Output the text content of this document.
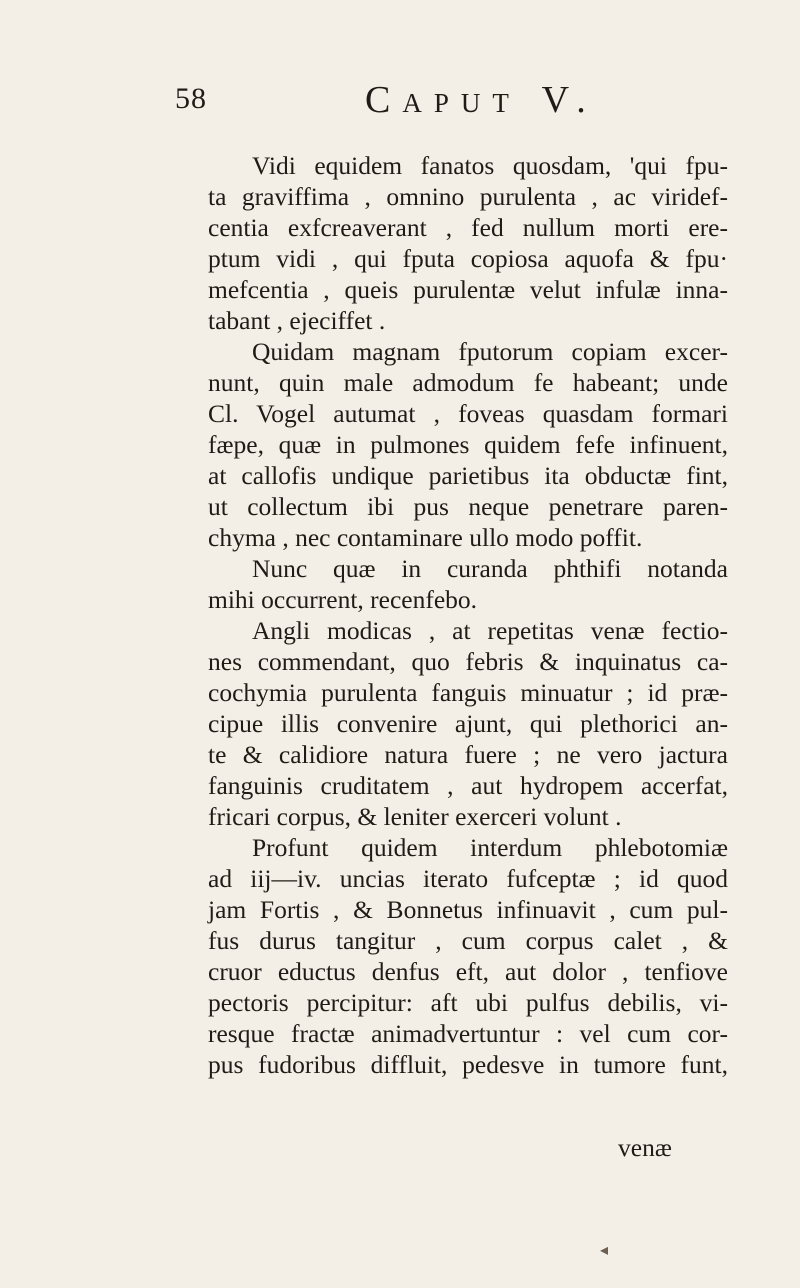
58	Caput V.
Vidi equidem fanatos quosdam, 'qui fpu-
ta graviffima , omnino purulenta , ac viridef-
centia exfcreaverant , fed nullum morti ere-
ptum vidi , qui fputa copiosa aquofa & fpu·
mefcentia , queis purulentæ velut infulæ inna-
tabant , ejeciffet .
Quidam magnam fputorum copiam excer-
nunt, quin male admodum fe habeant; unde
Cl. Vogel autumat , foveas quasdam formari
fæpe, quæ in pulmones quidem fefe infinuent,
at callofis undique parietibus ita obductæ fint,
ut collectum ibi pus neque penetrare paren-
chyma , nec contaminare ullo modo poffit.
Nunc quæ in curanda phthifi notanda
mihi occurrent, recenfebo.
Angli modicas , at repetitas venæ fectio-
nes commendant, quo febris & inquinatus ca-
cochymia purulenta fanguis minuatur ; id præ-
cipue illis convenire ajunt, qui plethorici an-
te & calidiore natura fuere ; ne vero jactura
fanguinis cruditatem , aut hydropem accerfat,
fricari corpus, & leniter exerceri volunt .
Profunt quidem interdum phlebotomiæ
ad iij—iv. uncias iterato fufceptæ ; id quod
jam Fortis , & Bonnetus infinuavit , cum pul-
fus durus tangitur , cum corpus calet , &
cruor eductus denfus eft, aut dolor , tenfiove
pectoris percipitur: aft ubi pulfus debilis, vi-
resque fractæ animadvertuntur : vel cum cor-
pus fudoribus diffluit, pedesve in tumore funt,
venæ
◂
